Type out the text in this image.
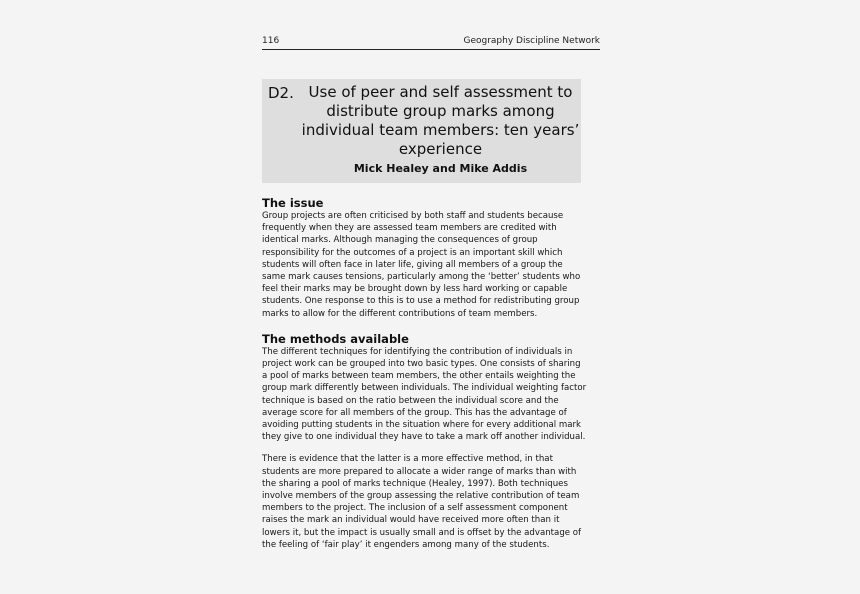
116	Geography Discipline Network
D2. Use of peer and self assessment to
distribute group marks among
individual team members: ten years’
experience
Mick Healey and Mike Addis
The issue

Group projects are often criticised by both staff and students because
frequently when they are assessed team members are credited with
identical marks. Although managing the consequences of group
responsibility for the outcomes of a project is an important skill which
students will often face in later life, giving all members of a group the
same mark causes tensions, particularly among the ‘better’ students who
feel their marks may be brought down by less hard working or capable
students. One response to this is to use a method for redistributing group
marks to allow for the different contributions of team members.

The methods available

The different techniques for identifying the contribution of individuals in
project work can be grouped into two basic types. One consists of sharing
a pool of marks between team members, the other entails weighting the
group mark differently between individuals. The individual weighting factor
technique is based on the ratio between the individual score and the
average score for all members of the group. This has the advantage of
avoiding putting students in the situation where for every additional mark
they give to one individual they have to take a mark off another individual.

There is evidence that the latter is a more effective method, in that
students are more prepared to allocate a wider range of marks than with
the sharing a pool of marks technique (Healey, 1997). Both techniques
involve members of the group assessing the relative contribution of team
members to the project. The inclusion of a self assessment component
raises the mark an individual would have received more often than it
lowers it, but the impact is usually small and is offset by the advantage of
the feeling of ‘fair play’ it engenders among many of the students.
